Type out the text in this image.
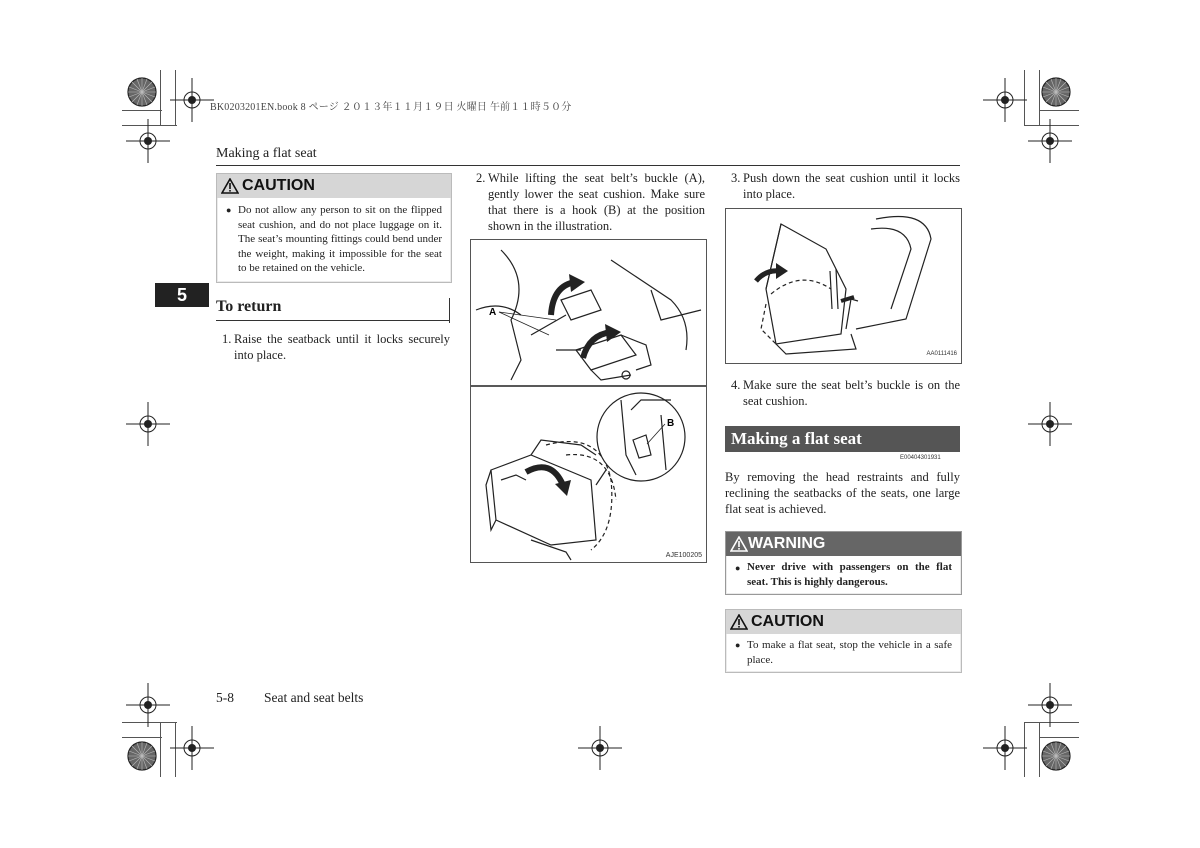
BK0203201EN.book 8 ページ ２０１３年１１月１９日 火曜日 午前１１時５０分
Making a flat seat
5
CAUTION
● Do not allow any person to sit on the flipped seat cushion, and do not place luggage on it. The seat’s mounting fittings could bend under the weight, making it impossible for the seat to be retained on the vehicle.
To return
1. Raise the seatback until it locks securely into place.
2. While lifting the seat belt’s buckle (A), gently lower the seat cushion. Make sure that there is a hook (B) at the position shown in the illustration.
A
B
AJE100205
3. Push down the seat cushion until it locks into place.
AA0111416
4. Make sure the seat belt’s buckle is on the seat cushion.
Making a flat seat
E00404301931
By removing the head restraints and fully reclining the seatbacks of the seats, one large flat seat is achieved.
WARNING
● Never drive with passengers on the flat seat. This is highly dangerous.
CAUTION
● To make a flat seat, stop the vehicle in a safe place.
5-8 Seat and seat belts
